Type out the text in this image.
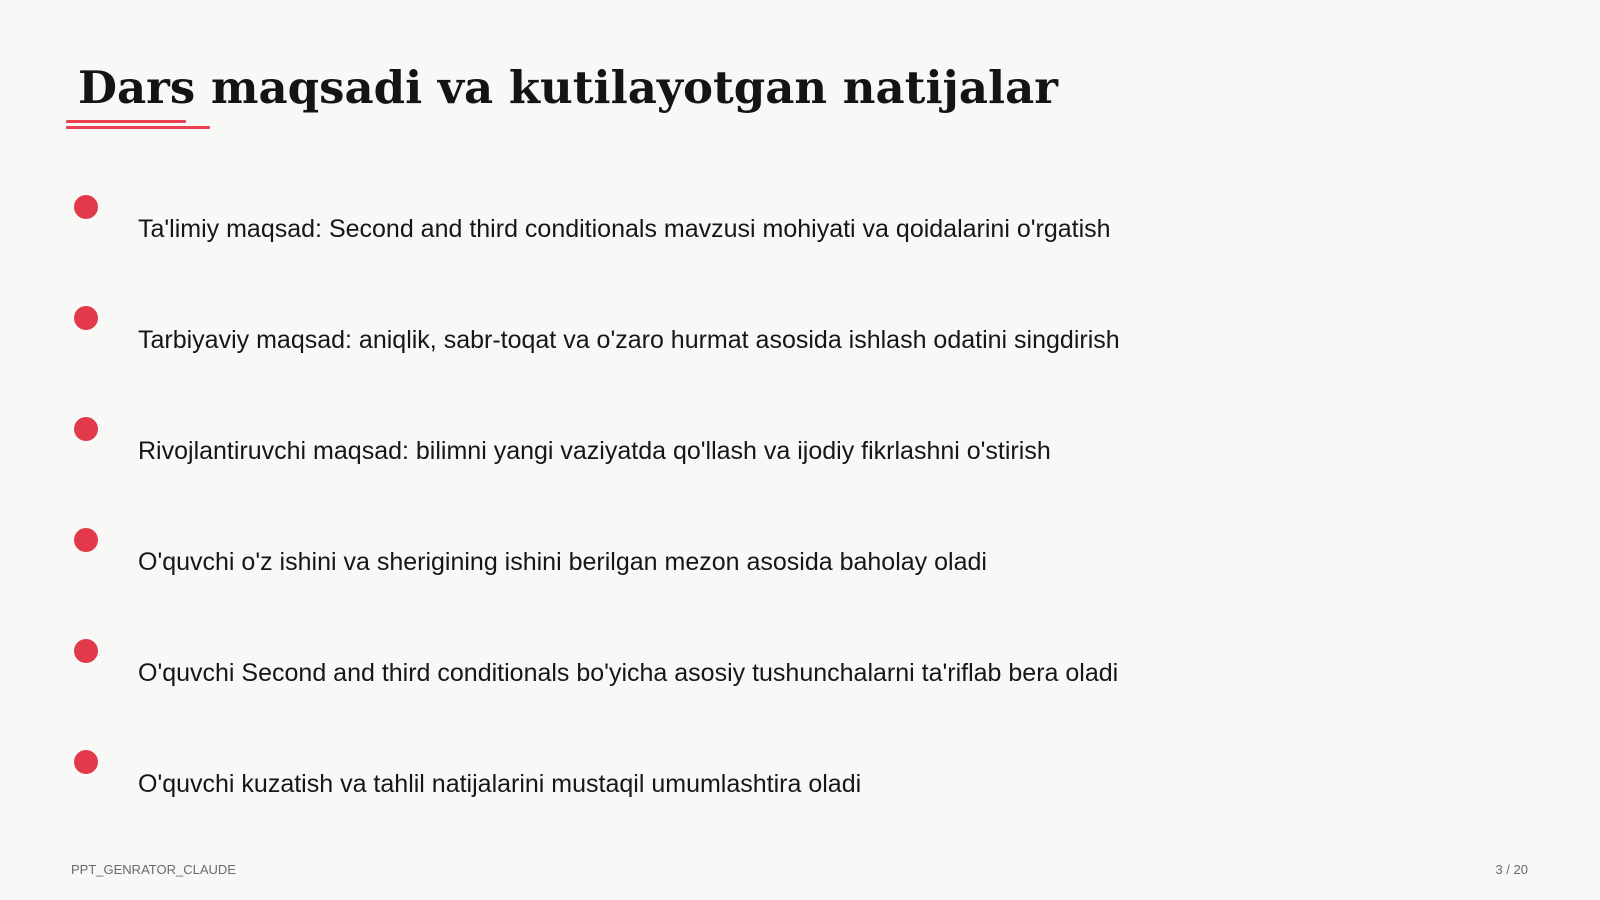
Dars maqsadi va kutilayotgan natijalar
Ta'limiy maqsad: Second and third conditionals mavzusi mohiyati va qoidalarini o'rgatish
Tarbiyaviy maqsad: aniqlik, sabr-toqat va o'zaro hurmat asosida ishlash odatini singdirish
Rivojlantiruvchi maqsad: bilimni yangi vaziyatda qo'llash va ijodiy fikrlashni o'stirish
O'quvchi o'z ishini va sherigining ishini berilgan mezon asosida baholay oladi
O'quvchi Second and third conditionals bo'yicha asosiy tushunchalarni ta'riflab bera oladi
O'quvchi kuzatish va tahlil natijalarini mustaqil umumlashtira oladi
PPT_GENRATOR_CLAUDE	3 / 20
